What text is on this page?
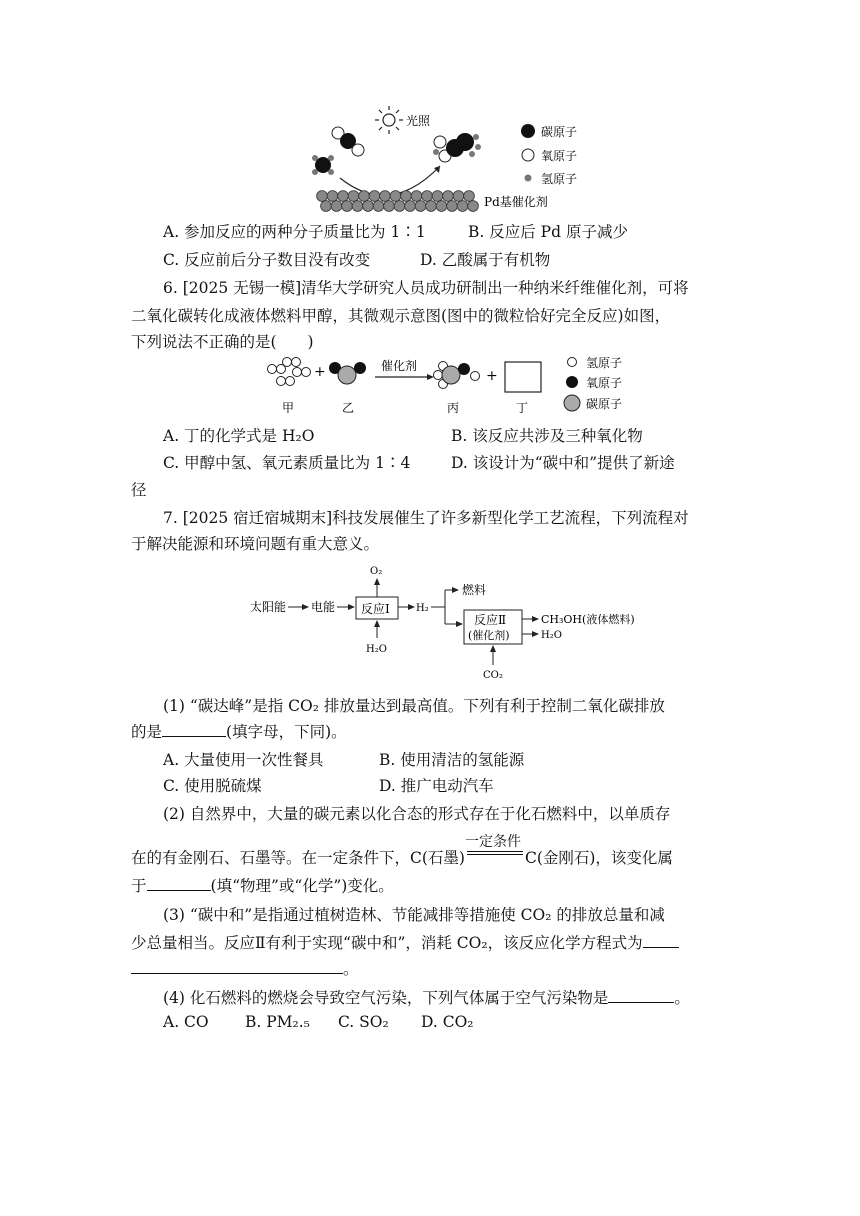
光照
Pd基催化剂
碳原子
氧原子
氢原子
A. 参加反应的两种分子质量比为 1∶1	B. 反应后 Pd 原子减少
C. 反应前后分子数目没有改变	D. 乙酸属于有机物
6. [2025 无锡一模]清华大学研究人员成功研制出一种纳米纤维催化剂，可将
二氧化碳转化成液体燃料甲醇，其微观示意图(图中的微粒恰好完全反应)如图，
下列说法不正确的是(　　)
+	催化剂
+
甲	乙	丙	丁
氢原子
氧原子
碳原子
A. 丁的化学式是 H₂O	B. 该反应共涉及三种氧化物
C. 甲醇中氢、氧元素质量比为 1∶4	D. 该设计为“碳中和”提供了新途
径
7. [2025 宿迁宿城期末]科技发展催生了许多新型化学工艺流程，下列流程对
于解决能源和环境问题有重大意义。
太阳能 电能 反应Ⅰ
O₂
H₂O
H₂
燃料
反应Ⅱ
(催化剂)
CO₂
CH₃OH(液体燃料)
H₂O
(1) “碳达峰”是指 CO₂ 排放量达到最高值。下列有利于控制二氧化碳排放
的是	(填字母，下同)。
A. 大量使用一次性餐具	B. 使用清洁的氢能源
C. 使用脱硫煤	D. 推广电动汽车
(2) 自然界中，大量的碳元素以化合态的形式存在于化石燃料中，以单质存
在的有金刚石、石墨等。在一定条件下，C(石墨)
一定条件
C(金刚石)，该变化属
于	(填“物理”或“化学”)变化。
(3) “碳中和”是指通过植树造林、节能减排等措施使 CO₂ 的排放总量和减
少总量相当。反应Ⅱ有利于实现“碳中和”，消耗 CO₂，该反应化学方程式为
。
(4) 化石燃料的燃烧会导致空气污染，下列气体属于空气污染物是	。
A. CO B. PM₂.₅ C. SO₂ D. CO₂
